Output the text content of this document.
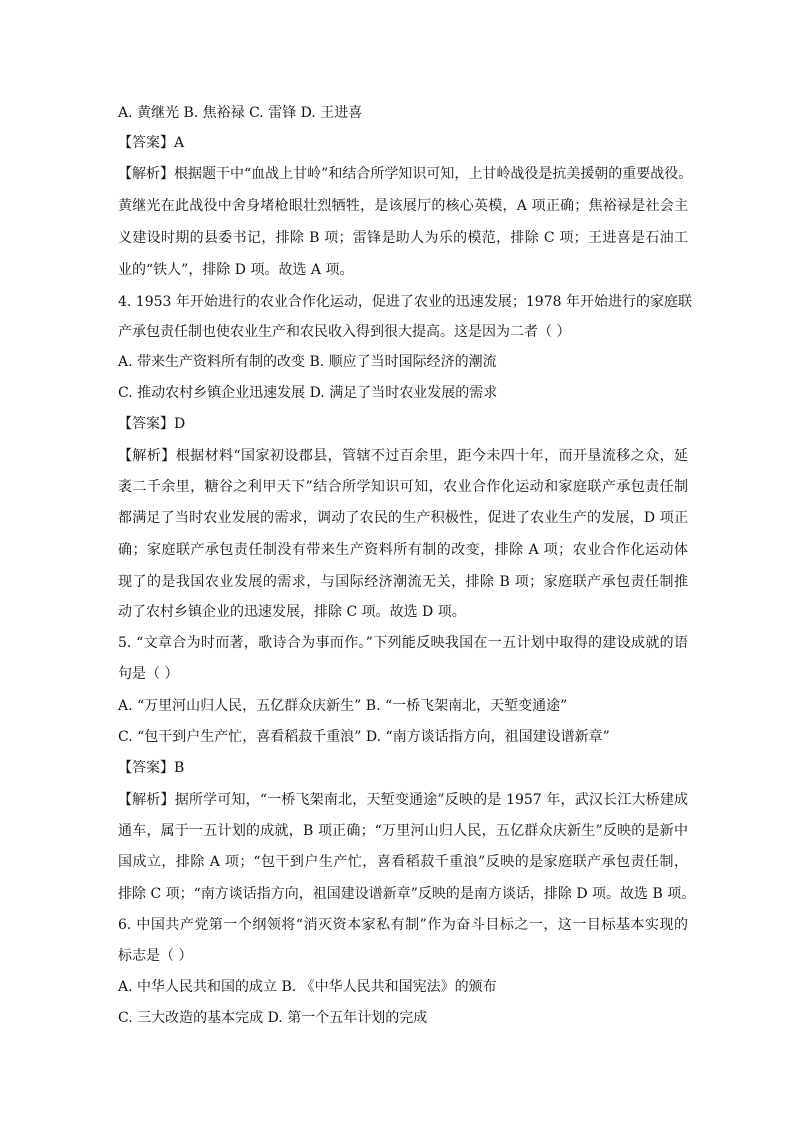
A. 黄继光 B. 焦裕禄 C. 雷锋 D. 王进喜
【答案】A
【解析】根据题干中“血战上甘岭”和结合所学知识可知，上甘岭战役是抗美援朝的重要战役。
黄继光在此战役中舍身堵枪眼壮烈牺牲，是该展厅的核心英模，A 项正确；焦裕禄是社会主
义建设时期的县委书记，排除 B 项；雷锋是助人为乐的模范，排除 C 项；王进喜是石油工
业的“铁人”，排除 D 项。故选 A 项。
4. 1953 年开始进行的农业合作化运动，促进了农业的迅速发展；1978 年开始进行的家庭联
产承包责任制也使农业生产和农民收入得到很大提高。这是因为二者（ ）
A. 带来生产资料所有制的改变 B. 顺应了当时国际经济的潮流
C. 推动农村乡镇企业迅速发展 D. 满足了当时农业发展的需求
【答案】D
【解析】根据材料“国家初设郡县，管辖不过百余里，距今未四十年，而开垦流移之众，延
袤二千余里，糖谷之利甲天下”结合所学知识可知，农业合作化运动和家庭联产承包责任制
都满足了当时农业发展的需求，调动了农民的生产积极性，促进了农业生产的发展，D 项正
确；家庭联产承包责任制没有带来生产资料所有制的改变，排除 A 项；农业合作化运动体
现了的是我国农业发展的需求，与国际经济潮流无关，排除 B 项；家庭联产承包责任制推
动了农村乡镇企业的迅速发展，排除 C 项。故选 D 项。
5. “文章合为时而著，歌诗合为事而作。”下列能反映我国在一五计划中取得的建设成就的语
句是（ ）
A. “万里河山归人民，五亿群众庆新生” B. “一桥飞架南北，天堑变通途”
C. “包干到户生产忙，喜看稻菽千重浪” D. “南方谈话指方向，祖国建设谱新章”
【答案】B
【解析】据所学可知，“一桥飞架南北，天堑变通途”反映的是 1957 年，武汉长江大桥建成
通车，属于一五计划的成就，B 项正确；“万里河山归人民，五亿群众庆新生”反映的是新中
国成立，排除 A 项；“包干到户生产忙，喜看稻菽千重浪”反映的是家庭联产承包责任制，
排除 C 项；“南方谈话指方向，祖国建设谱新章”反映的是南方谈话，排除 D 项。故选 B 项。
6. 中国共产党第一个纲领将“消灭资本家私有制”作为奋斗目标之一，这一目标基本实现的
标志是（ ）
A. 中华人民共和国的成立 B. 《中华人民共和国宪法》的颁布
C. 三大改造的基本完成 D. 第一个五年计划的完成
